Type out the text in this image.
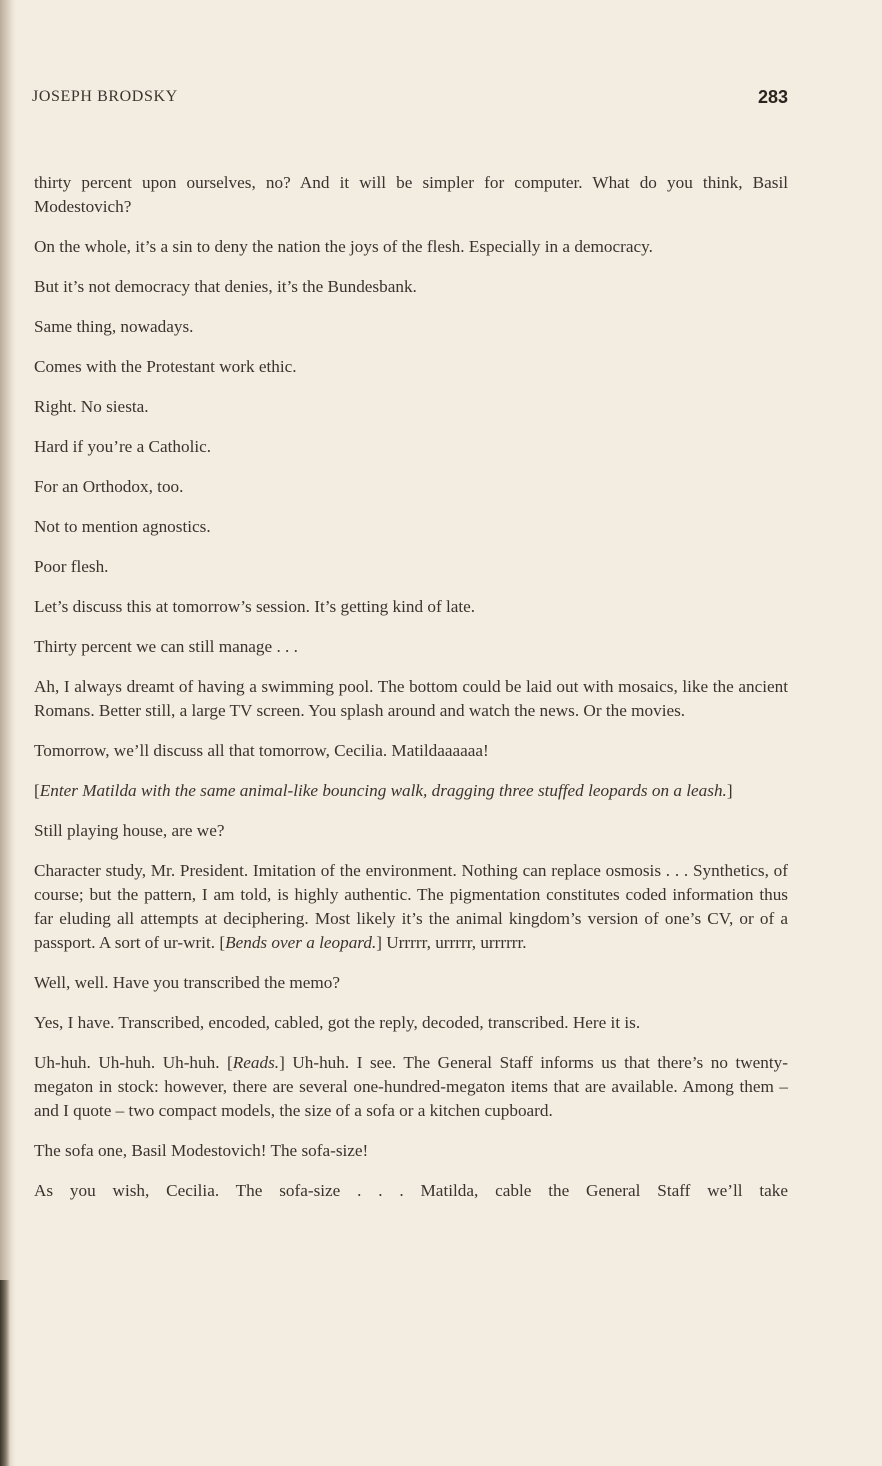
JOSEPH BRODSKY	283

thirty percent upon ourselves, no? And it will be simpler for computer. What do you think, Basil Modestovich?

On the whole, it’s a sin to deny the nation the joys of the flesh. Especially in a democracy.

But it’s not democracy that denies, it’s the Bundesbank.

Same thing, nowadays.

Comes with the Protestant work ethic.

Right. No siesta.

Hard if you’re a Catholic.

For an Orthodox, too.

Not to mention agnostics.

Poor flesh.

Let’s discuss this at tomorrow’s session. It’s getting kind of late.

Thirty percent we can still manage . . .

Ah, I always dreamt of having a swimming pool. The bottom could be laid out with mosaics, like the ancient Romans. Better still, a large TV screen. You splash around and watch the news. Or the movies.

Tomorrow, we’ll discuss all that tomorrow, Cecilia. Matildaaaaaa!

[Enter Matilda with the same animal-like bouncing walk, dragging three stuffed leopards on a leash.]

Still playing house, are we?

Character study, Mr. President. Imitation of the environment. Nothing can replace osmosis . . . Synthetics, of course; but the pattern, I am told, is highly authentic. The pigmentation constitutes coded information thus far eluding all attempts at deciphering. Most likely it’s the animal kingdom’s version of one’s CV, or of a passport. A sort of ur-writ. [Bends over a leopard.] Urrrrr, urrrrr, urrrrrr.

Well, well. Have you transcribed the memo?

Yes, I have. Transcribed, encoded, cabled, got the reply, decoded, transcribed. Here it is.

Uh-huh. Uh-huh. Uh-huh. [Reads.] Uh-huh. I see. The General Staff informs us that there’s no twenty-megaton in stock: however, there are several one-hundred-megaton items that are available. Among them – and I quote – two compact models, the size of a sofa or a kitchen cupboard.

The sofa one, Basil Modestovich! The sofa-size!

As you wish, Cecilia. The sofa-size . . . Matilda, cable the General Staff we’ll take
